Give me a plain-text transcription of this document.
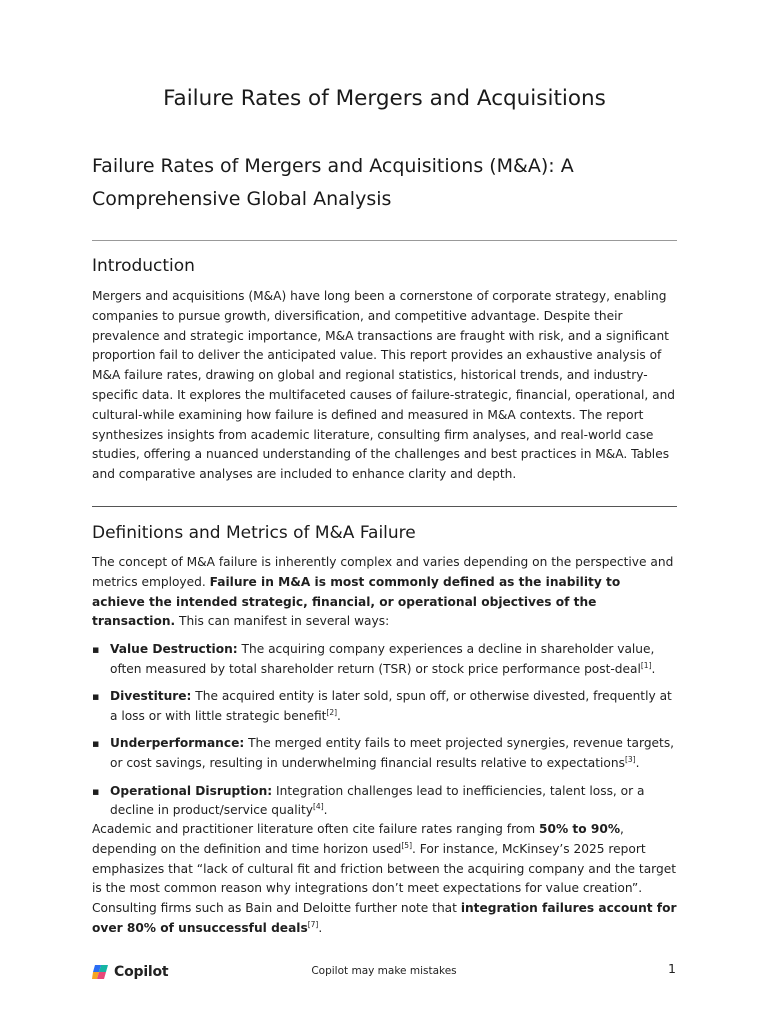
Failure Rates of Mergers and Acquisitions
Failure Rates of Mergers and Acquisitions (M&A): A Comprehensive Global Analysis
Introduction

Mergers and acquisitions (M&A) have long been a cornerstone of corporate strategy, enabling companies to pursue growth, diversification, and competitive advantage. Despite their prevalence and strategic importance, M&A transactions are fraught with risk, and a significant proportion fail to deliver the anticipated value. This report provides an exhaustive analysis of M&A failure rates, drawing on global and regional statistics, historical trends, and industry-specific data. It explores the multifaceted causes of failure-strategic, financial, operational, and cultural-while examining how failure is defined and measured in M&A contexts. The report synthesizes insights from academic literature, consulting firm analyses, and real-world case studies, offering a nuanced understanding of the challenges and best practices in M&A. Tables and comparative analyses are included to enhance clarity and depth.

Definitions and Metrics of M&A Failure

The concept of M&A failure is inherently complex and varies depending on the perspective and metrics employed. Failure in M&A is most commonly defined as the inability to achieve the intended strategic, financial, or operational objectives of the transaction. This can manifest in several ways:

▪ Value Destruction: The acquiring company experiences a decline in shareholder value, often measured by total shareholder return (TSR) or stock price performance post-deal[1].
▪ Divestiture: The acquired entity is later sold, spun off, or otherwise divested, frequently at a loss or with little strategic benefit[2].
▪ Underperformance: The merged entity fails to meet projected synergies, revenue targets, or cost savings, resulting in underwhelming financial results relative to expectations[3].
▪ Operational Disruption: Integration challenges lead to inefficiencies, talent loss, or a decline in product/service quality[4].

Academic and practitioner literature often cite failure rates ranging from 50% to 90%, depending on the definition and time horizon used[5]. For instance, McKinsey’s 2025 report emphasizes that “lack of cultural fit and friction between the acquiring company and the target is the most common reason why integrations don’t meet expectations for value creation”. Consulting firms such as Bain and Deloitte further note that integration failures account for over 80% of unsuccessful deals[7].

Copilot	Copilot may make mistakes	1
